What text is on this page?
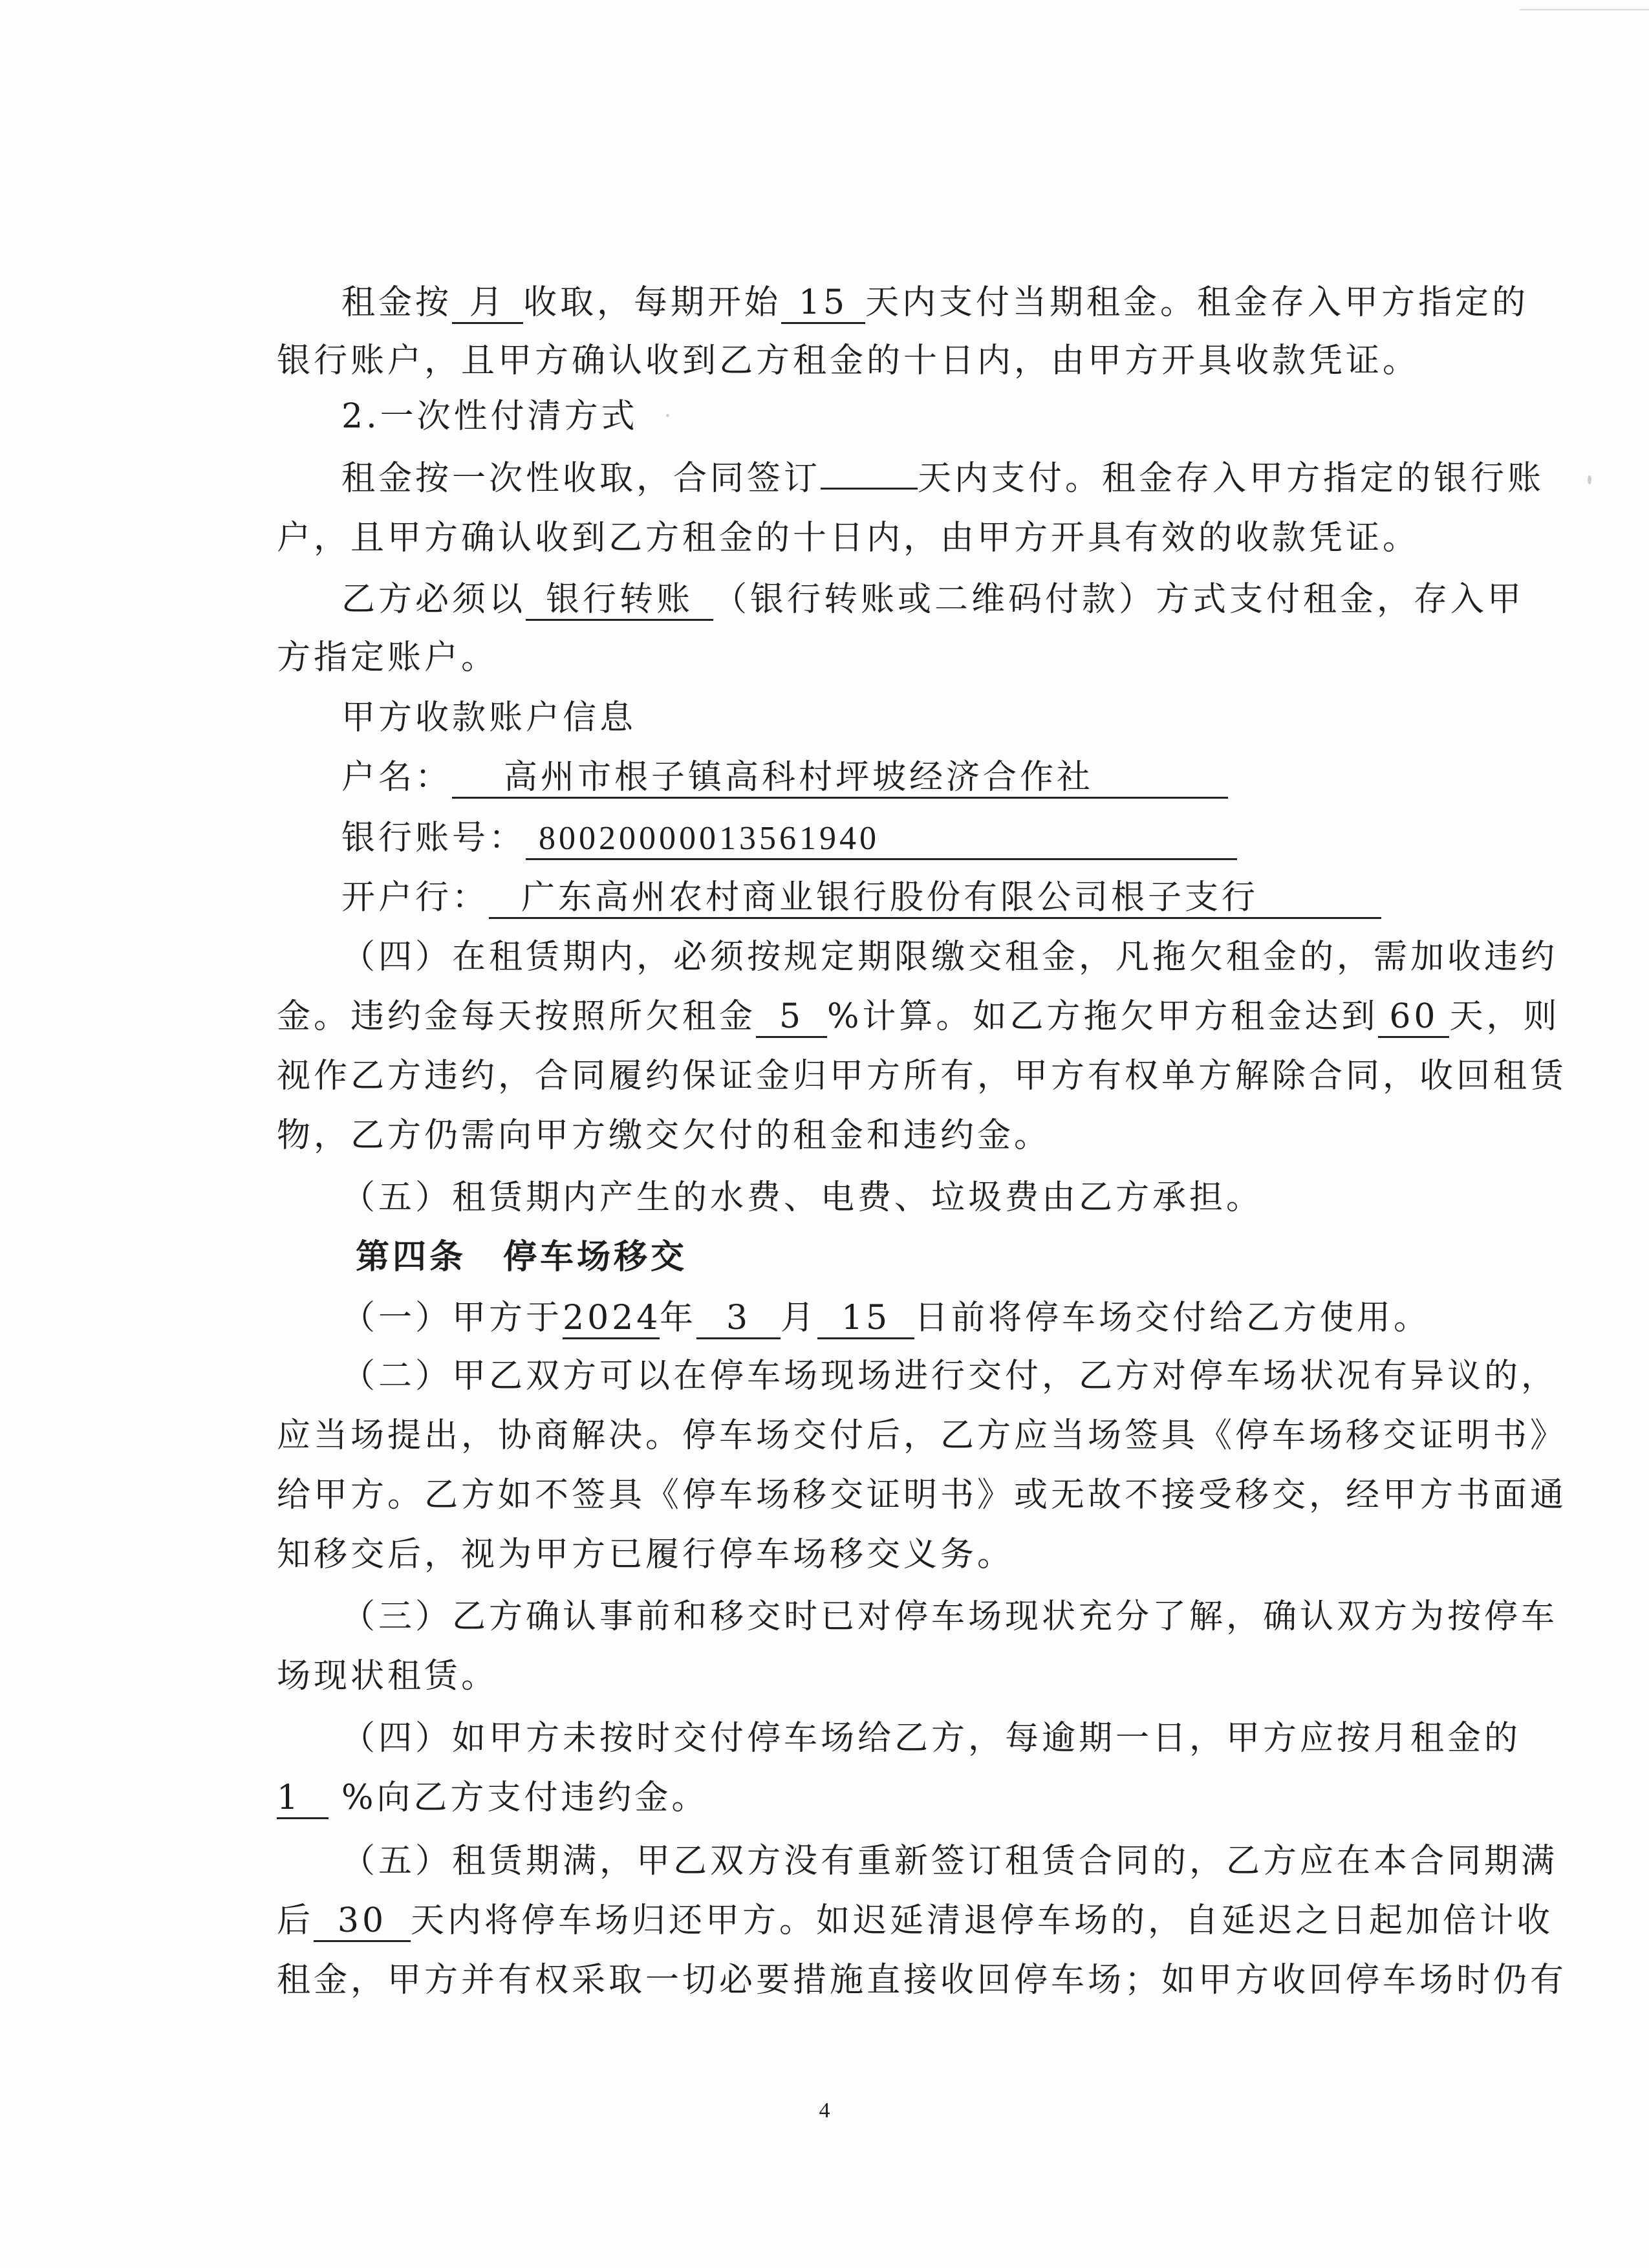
租金按 月 收取，每期开始 15 天内支付当期租金。租金存入甲方指定的
银行账户，且甲方确认收到乙方租金的十日内，由甲方开具收款凭证。
2.一次性付清方式
租金按一次性收取，合同签订	天内支付。租金存入甲方指定的银行账
户，且甲方确认收到乙方租金的十日内，由甲方开具有效的收款凭证。
乙方必须以 银行转账 （银行转账或二维码付款）方式支付租金，存入甲
方指定账户。
甲方收款账户信息
户名： 高州市根子镇高科村坪坡经济合作社
银行账号： 80020000013561940
开户行： 广东高州农村商业银行股份有限公司根子支行
（四）在租赁期内，必须按规定期限缴交租金，凡拖欠租金的，需加收违约
金。违约金每天按照所欠租金 5 %计算。如乙方拖欠甲方租金达到 60 天，则
视作乙方违约，合同履约保证金归甲方所有，甲方有权单方解除合同，收回租赁
物，乙方仍需向甲方缴交欠付的租金和违约金。
（五）租赁期内产生的水费、电费、垃圾费由乙方承担。
第四条　停车场移交
（一）甲方于2024年 3 月 15 日前将停车场交付给乙方使用。
（二）甲乙双方可以在停车场现场进行交付，乙方对停车场状况有异议的，
应当场提出，协商解决。停车场交付后，乙方应当场签具《停车场移交证明书》
给甲方。乙方如不签具《停车场移交证明书》或无故不接受移交，经甲方书面通
知移交后，视为甲方已履行停车场移交义务。
（三）乙方确认事前和移交时已对停车场现状充分了解，确认双方为按停车
场现状租赁。
（四）如甲方未按时交付停车场给乙方，每逾期一日，甲方应按月租金的
1 %向乙方支付违约金。
（五）租赁期满，甲乙双方没有重新签订租赁合同的，乙方应在本合同期满
后 30 天内将停车场归还甲方。如迟延清退停车场的，自延迟之日起加倍计收
租金，甲方并有权采取一切必要措施直接收回停车场；如甲方收回停车场时仍有
4
